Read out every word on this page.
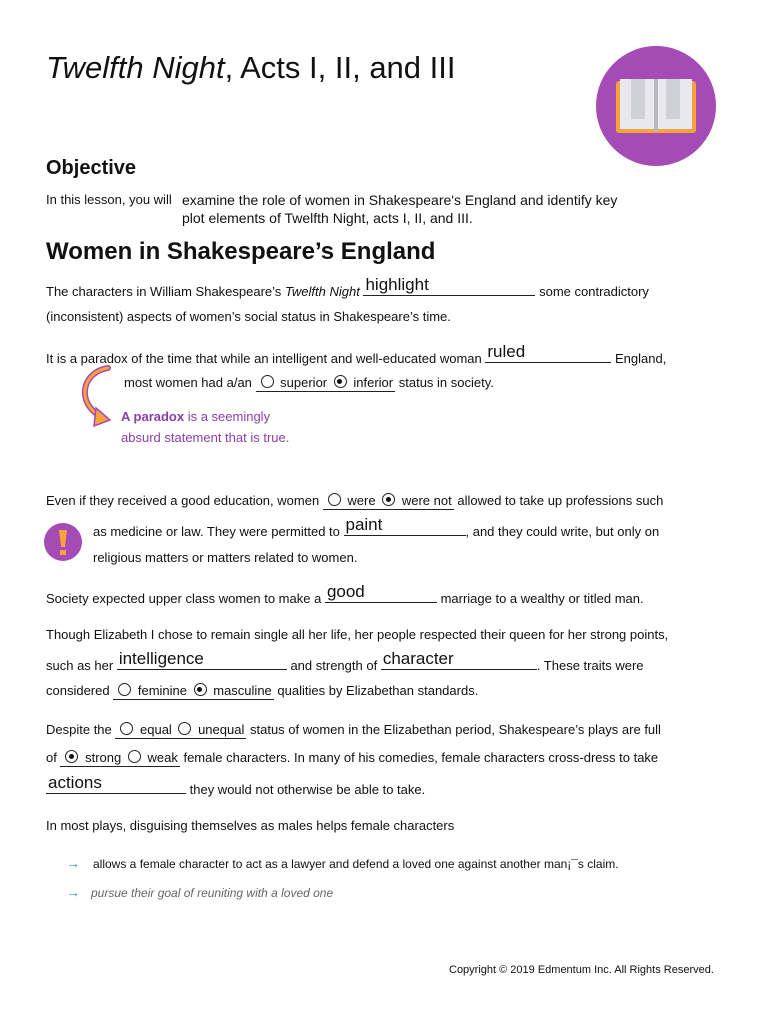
Twelfth Night, Acts I, II, and III
Objective
In this lesson, you will examine the role of women in Shakespeare's England and identify key
plot elements of Twelfth Night, acts I, II, and III.
Women in Shakespeare’s England
The characters in William Shakespeare’s Twelfth Night highlight	some contradictory
(inconsistent) aspects of women’s social status in Shakespeare’s time.
It is a paradox of the time that while an intelligent and well-educated woman ruled	England,
most women had a/an superior inferior status in society.
A paradox is a seemingly
absurd statement that is true.
Even if they received a good education, women were were not allowed to take up professions such
as medicine or law. They were permitted to paint	, and they could write, but only on
religious matters or matters related to women.
Society expected upper class women to make a good	marriage to a wealthy or titled man.
Though Elizabeth I chose to remain single all her life, her people respected their queen for her strong points,
such as her intelligence	and strength of character	. These traits were
considered feminine masculine qualities by Elizabethan standards.
Despite the equal unequal status of women in the Elizabethan period, Shakespeare’s plays are full
of strong weak female characters. In many of his comedies, female characters cross-dress to take
actions	they would not otherwise be able to take.
In most plays, disguising themselves as males helps female characters
→ allows a female character to act as a lawyer and defend a loved one against another man¡¯s claim.
→ pursue their goal of reuniting with a loved one
Copyright © 2019 Edmentum Inc. All Rights Reserved.
